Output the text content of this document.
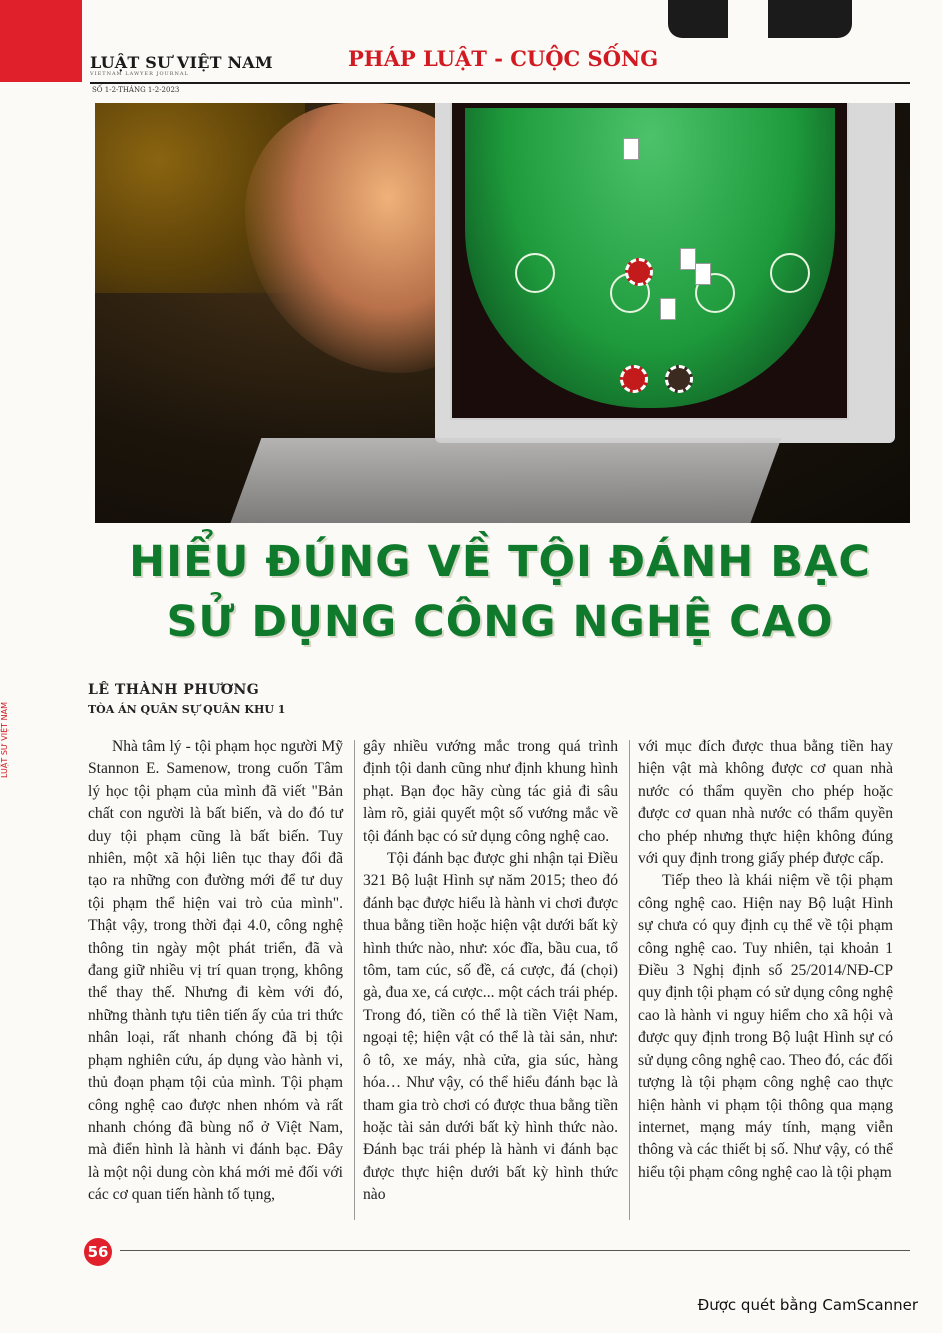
LUẬT SƯ VIỆT NAM
VIETNAM LAWYER JOURNAL
SỐ 1-2-THÁNG 1-2-2023
PHÁP LUẬT - CUỘC SỐNG
HIỂU ĐÚNG VỀ TỘI ĐÁNH BẠC
SỬ DỤNG CÔNG NGHỆ CAO
LÊ THÀNH PHƯƠNG
TÒA ÁN QUÂN SỰ QUÂN KHU 1

Nhà tâm lý - tội phạm học người Mỹ Stannon E. Samenow, trong cuốn Tâm lý học tội phạm của mình đã viết "Bản chất con người là bất biến, và do đó tư duy tội phạm cũng là bất biến. Tuy nhiên, một xã hội liên tục thay đổi đã tạo ra những con đường mới để tư duy tội phạm thể hiện vai trò của mình". Thật vậy, trong thời đại 4.0, công nghệ thông tin ngày một phát triển, đã và đang giữ nhiều vị trí quan trọng, không thể thay thế. Nhưng đi kèm với đó, những thành tựu tiên tiến ấy của tri thức nhân loại, rất nhanh chóng đã bị tội phạm nghiên cứu, áp dụng vào hành vi, thủ đoạn phạm tội của mình. Tội phạm công nghệ cao được nhen nhóm và rất nhanh chóng đã bùng nổ ở Việt Nam, mà điển hình là hành vi đánh bạc. Đây là một nội dung còn khá mới mẻ đối với các cơ quan tiến hành tố tụng,

gây nhiều vướng mắc trong quá trình định tội danh cũng như định khung hình phạt. Bạn đọc hãy cùng tác giả đi sâu làm rõ, giải quyết một số vướng mắc về tội đánh bạc có sử dụng công nghệ cao.

Tội đánh bạc được ghi nhận tại Điều 321 Bộ luật Hình sự năm 2015; theo đó đánh bạc được hiểu là hành vi chơi được thua bằng tiền hoặc hiện vật dưới bất kỳ hình thức nào, như: xóc đĩa, bầu cua, tổ tôm, tam cúc, số đề, cá cược, đá (chọi) gà, đua xe, cá cược... một cách trái phép. Trong đó, tiền có thể là tiền Việt Nam, ngoại tệ; hiện vật có thể là tài sản, như: ô tô, xe máy, nhà cửa, gia súc, hàng hóa… Như vậy, có thể hiểu đánh bạc là tham gia trò chơi có được thua bằng tiền hoặc tài sản dưới bất kỳ hình thức nào. Đánh bạc trái phép là hành vi đánh bạc được thực hiện dưới bất kỳ hình thức nào

với mục đích được thua bằng tiền hay hiện vật mà không được cơ quan nhà nước có thẩm quyền cho phép hoặc được cơ quan nhà nước có thẩm quyền cho phép nhưng thực hiện không đúng với quy định trong giấy phép được cấp.

Tiếp theo là khái niệm về tội phạm công nghệ cao. Hiện nay Bộ luật Hình sự chưa có quy định cụ thể về tội phạm công nghệ cao. Tuy nhiên, tại khoản 1 Điều 3 Nghị định số 25/2014/NĐ-CP quy định tội phạm có sử dụng công nghệ cao là hành vi nguy hiểm cho xã hội và được quy định trong Bộ luật Hình sự có sử dụng công nghệ cao. Theo đó, các đối tượng là tội phạm công nghệ cao thực hiện hành vi phạm tội thông qua mạng internet, mạng máy tính, mạng viễn thông và các thiết bị số. Như vậy, có thể hiểu tội phạm công nghệ cao là tội phạm

56
LUẬT SƯ VIỆT NAM
Được quét bằng CamScanner
